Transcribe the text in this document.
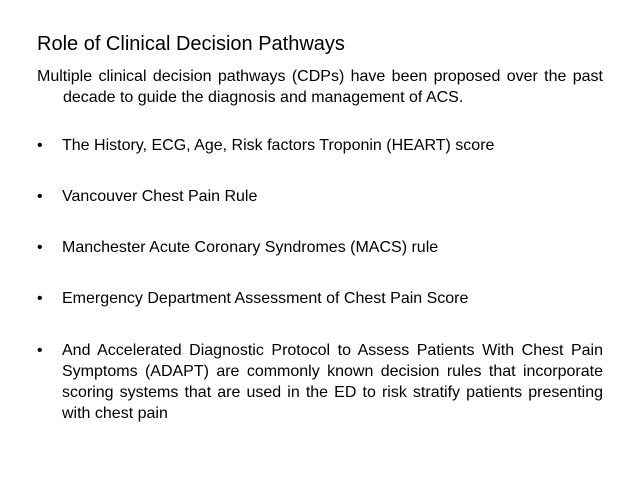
Role of Clinical Decision Pathways
Multiple clinical decision pathways (CDPs) have been proposed over the past decade to guide the diagnosis and management of ACS.
•	The History, ECG, Age, Risk factors Troponin (HEART) score
•	Vancouver Chest Pain Rule
•	Manchester Acute Coronary Syndromes (MACS) rule
•	Emergency Department Assessment of Chest Pain Score
•	And Accelerated Diagnostic Protocol to Assess Patients With Chest Pain Symptoms (ADAPT) are commonly known decision rules that incorporate scoring systems that are used in the ED to risk stratify patients presenting with chest pain
